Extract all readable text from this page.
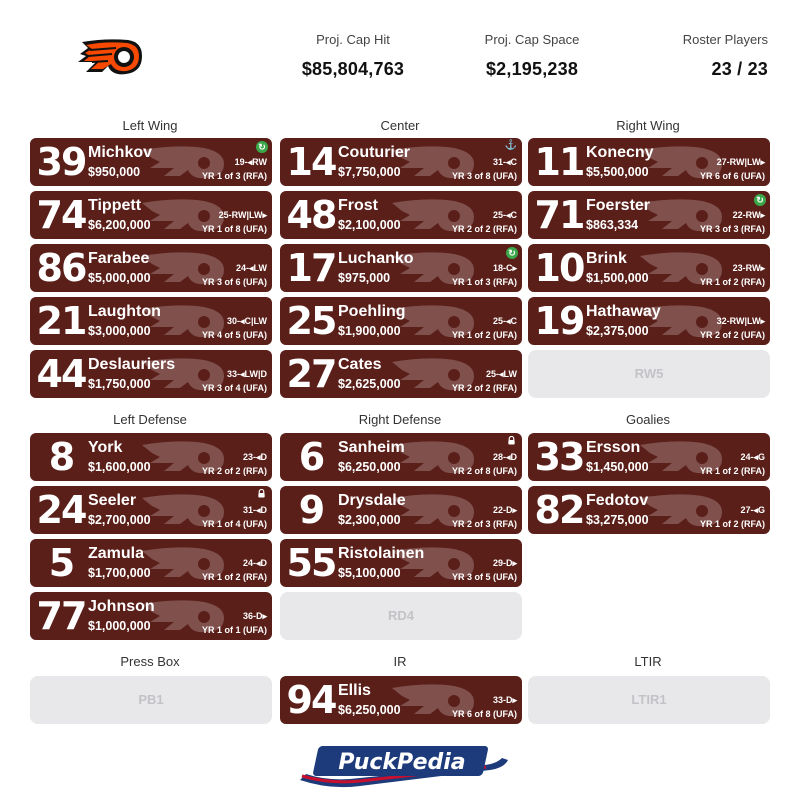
Proj. Cap Hit
$85,804,763
Proj. Cap Space
$2,195,238
Roster Players
23 / 23
Left Wing	Center	Right Wing
Left Defense	Right Defense	Goalies
Press Box	IR	LTIR
RW5
RD4
PB1	LTIR1
39 Michkov
$950,000
19-◂RW
YR 1 of 3 (RFA)
↻
74 Tippett
$6,200,000
25-RW|LW▸
YR 1 of 8 (UFA)
86 Farabee
$5,000,000
24-◂LW
YR 3 of 6 (UFA)
21 Laughton
$3,000,000
30-◂C|LW
YR 4 of 5 (UFA)
44 Deslauriers
$1,750,000
33-◂LW|D
YR 3 of 4 (UFA)
14 Couturier
$7,750,000
31-◂C
YR 3 of 8 (UFA)
⚓
48 Frost
$2,100,000
25-◂C
YR 2 of 2 (RFA)
17 Luchanko
$975,000
18-C▸
YR 1 of 3 (RFA)
↻
25 Poehling
$1,900,000
25-◂C
YR 1 of 2 (UFA)
27 Cates
$2,625,000
25-◂LW
YR 2 of 2 (RFA)
11 Konecny
$5,500,000
27-RW|LW▸
YR 6 of 6 (UFA)
71 Foerster
$863,334
22-RW▸
YR 3 of 3 (RFA)
↻
10 Brink
$1,500,000
23-RW▸
YR 1 of 2 (RFA)
19 Hathaway
$2,375,000
32-RW|LW▸
YR 2 of 2 (UFA)
8 York
$1,600,000
23-◂D
YR 2 of 2 (RFA)
24 Seeler
$2,700,000
31-◂D
YR 1 of 4 (UFA)
5 Zamula
$1,700,000
24-◂D
YR 1 of 2 (RFA)
77 Johnson
$1,000,000
36-D▸
YR 1 of 1 (UFA)
6 Sanheim
$6,250,000
28-◂D
YR 2 of 8 (UFA)
9 Drysdale
$2,300,000
22-D▸
YR 2 of 3 (RFA)
55 Ristolainen
$5,100,000
29-D▸
YR 3 of 5 (UFA)
33 Ersson
$1,450,000
24-◂G
YR 1 of 2 (RFA)
82 Fedotov
$3,275,000
27-◂G
YR 1 of 2 (RFA)
94 Ellis
$6,250,000
33-D▸
YR 6 of 8 (UFA)
PuckPedia
